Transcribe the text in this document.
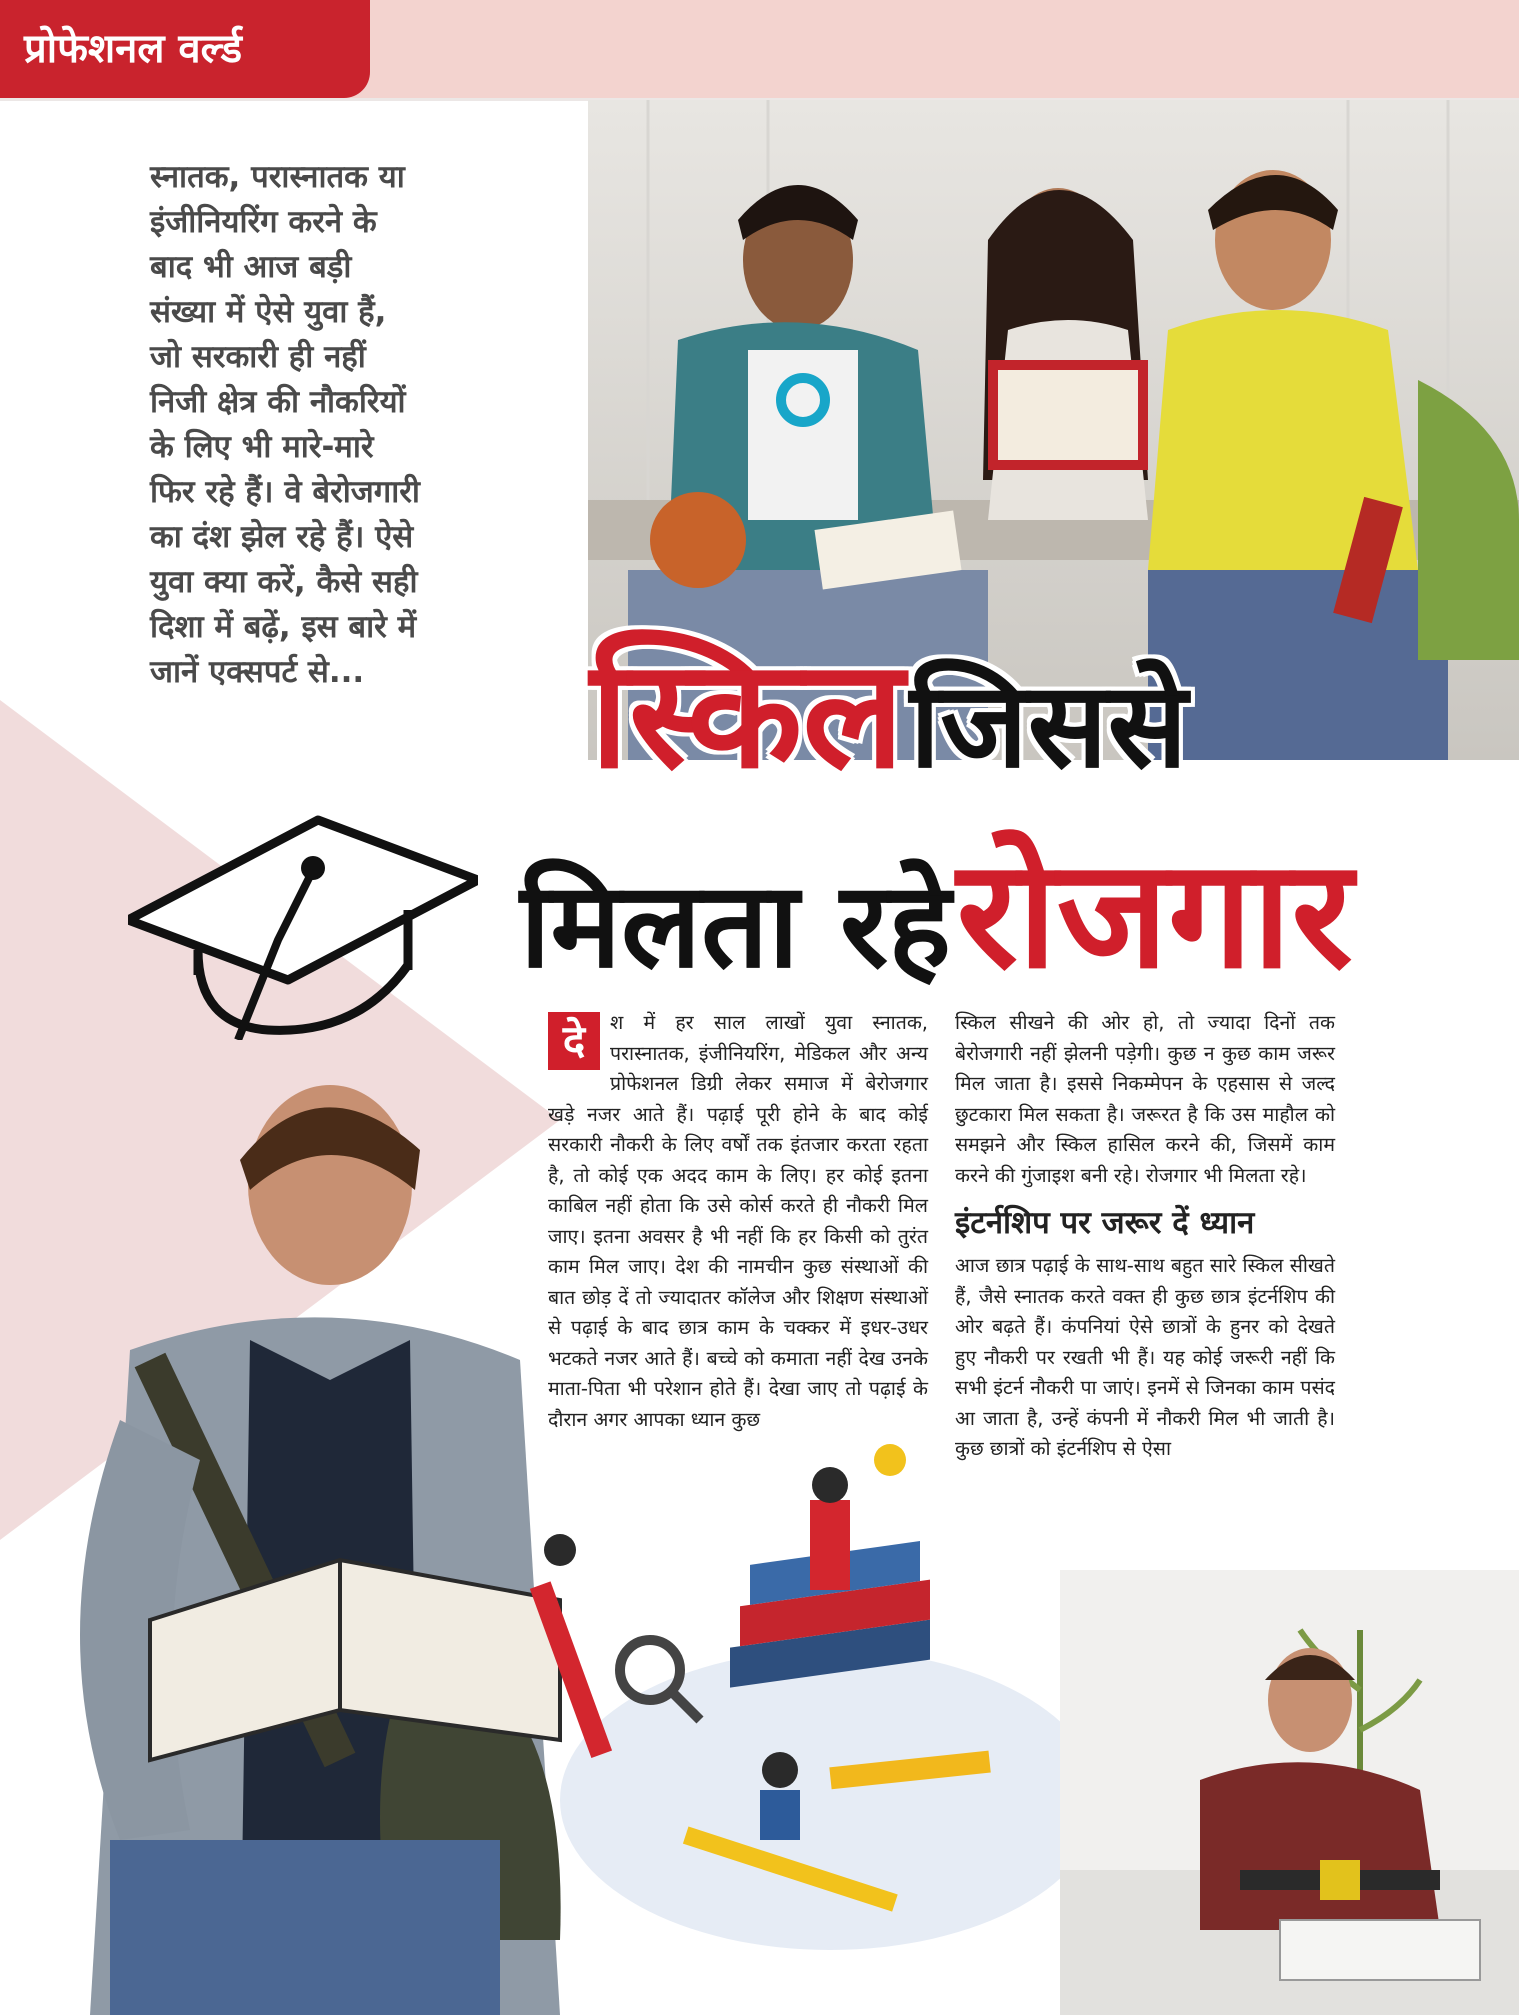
प्रोफेशनल वर्ल्ड
स्नातक, परास्नातक या
इंजीनियरिंग करने के
बाद भी आज बड़ी
संख्या में ऐसे युवा हैं,
जो सरकारी ही नहीं
निजी क्षेत्र की नौकरियों
के लिए भी मारे-मारे
फिर रहे हैं। वे बेरोजगारी
का दंश झेल रहे हैं। ऐसे
युवा क्या करें, कैसे सही
दिशा में बढ़ें, इस बारे में
जानें एक्सपर्ट से...	स्किल जिससे
मिलता रहे रोजगार
दे	श में हर साल लाखों युवा स्नातक, परास्नातक, इंजीनियरिंग, मेडिकल और अन्य प्रोफेशनल डिग्री लेकर समाज में बेरोजगार खड़े नजर आते हैं। पढ़ाई पूरी होने के बाद कोई सरकारी नौकरी के लिए वर्षों तक इंतजार करता रहता है, तो कोई एक अदद काम के लिए। हर कोई इतना काबिल नहीं होता कि उसे कोर्स करते ही नौकरी मिल जाए। इतना अवसर है भी नहीं कि हर किसी को तुरंत काम मिल जाए। देश की नामचीन कुछ संस्थाओं की बात छोड़ दें तो ज्यादातर कॉलेज और शिक्षण संस्थाओं से पढ़ाई के बाद छात्र काम के चक्कर में इधर-उधर भटकते नजर आते हैं। बच्चे को कमाता नहीं देख उनके माता-पिता भी परेशान होते हैं। देखा जाए तो पढ़ाई के दौरान अगर आपका ध्यान कुछ

स्किल सीखने की ओर हो, तो ज्यादा दिनों तक बेरोजगारी नहीं झेलनी पड़ेगी। कुछ न कुछ काम जरूर मिल जाता है। इससे निकम्मेपन के एहसास से जल्द छुटकारा मिल सकता है। जरूरत है कि उस माहौल को समझने और स्किल हासिल करने की, जिसमें काम करने की गुंजाइश बनी रहे। रोजगार भी मिलता रहे।

इंटर्नशिप पर जरूर दें ध्यान

आज छात्र पढ़ाई के साथ-साथ बहुत सारे स्किल सीखते हैं, जैसे स्नातक करते वक्त ही कुछ छात्र इंटर्नशिप की ओर बढ़ते हैं। कंपनियां ऐसे छात्रों के हुनर को देखते हुए नौकरी पर रखती भी हैं। यह कोई जरूरी नहीं कि सभी इंटर्न नौकरी पा जाएं। इनमें से जिनका काम पसंद आ जाता है, उन्हें कंपनी में नौकरी मिल भी जाती है। कुछ छात्रों को इंटर्नशिप से ऐसा
